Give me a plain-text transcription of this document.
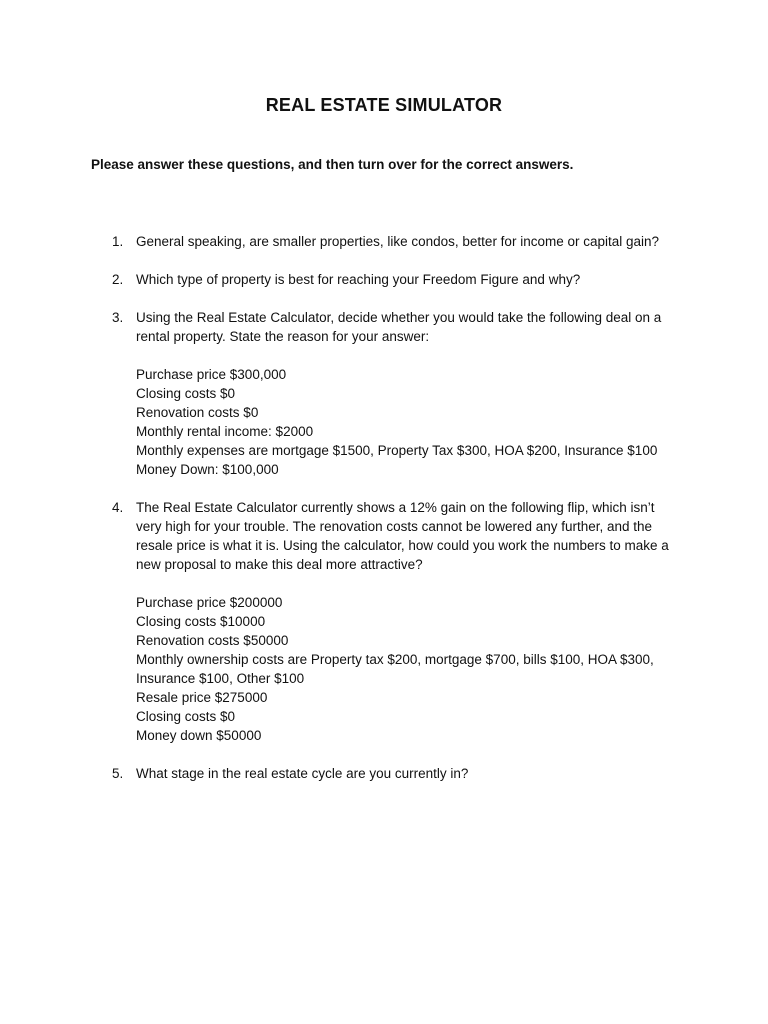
REAL ESTATE SIMULATOR
Please answer these questions, and then turn over for the correct answers.
1. General speaking, are smaller properties, like condos, better for income or capital gain?
2. Which type of property is best for reaching your Freedom Figure and why?
3. Using the Real Estate Calculator, decide whether you would take the following deal on a rental property. State the reason for your answer:
Purchase price $300,000
Closing costs $0
Renovation costs $0
Monthly rental income: $2000
Monthly expenses are mortgage $1500, Property Tax $300, HOA $200, Insurance $100
Money Down: $100,000
4. The Real Estate Calculator currently shows a 12% gain on the following flip, which isn’t very high for your trouble. The renovation costs cannot be lowered any further, and the resale price is what it is. Using the calculator, how could you work the numbers to make a new proposal to make this deal more attractive?
Purchase price $200000
Closing costs $10000
Renovation costs $50000
Monthly ownership costs are Property tax $200, mortgage $700, bills $100, HOA $300, Insurance $100, Other $100
Resale price $275000
Closing costs $0
Money down $50000
5. What stage in the real estate cycle are you currently in?
